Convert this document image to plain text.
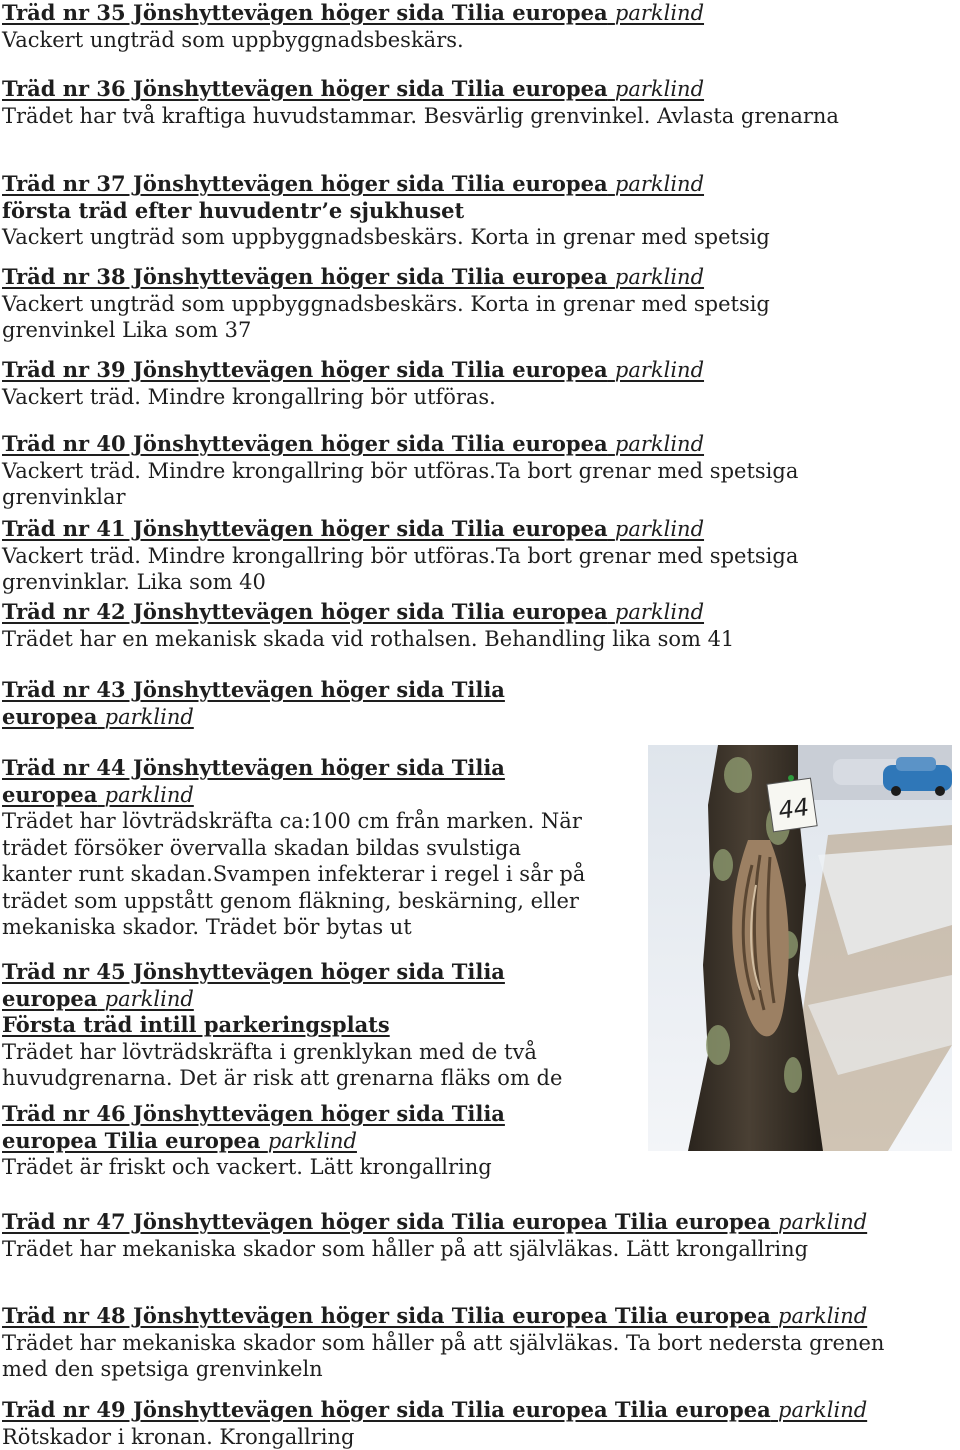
Träd nr 35 Jönshyttevägen höger sida Tilia europea parklind

Vackert ungträd som uppbyggnadsbeskärs.

Träd nr 36 Jönshyttevägen höger sida Tilia europea parklind

Trädet har två kraftiga huvudstammar. Besvärlig grenvinkel. Avlasta grenarna

Träd nr 37 Jönshyttevägen höger sida Tilia europea parklind

första träd efter huvudentr’e sjukhuset

Vackert ungträd som uppbyggnadsbeskärs. Korta in grenar med spetsig

Träd nr 38 Jönshyttevägen höger sida Tilia europea parklind

Vackert ungträd som uppbyggnadsbeskärs. Korta in grenar med spetsig

grenvinkel Lika som 37

Träd nr 39 Jönshyttevägen höger sida Tilia europea parklind

Vackert träd. Mindre krongallring bör utföras.

Träd nr 40 Jönshyttevägen höger sida Tilia europea parklind

Vackert träd. Mindre krongallring bör utföras.Ta bort grenar med spetsiga

grenvinklar

Träd nr 41 Jönshyttevägen höger sida Tilia europea parklind

Vackert träd. Mindre krongallring bör utföras.Ta bort grenar med spetsiga

grenvinklar. Lika som 40

Träd nr 42 Jönshyttevägen höger sida Tilia europea parklind

Trädet har en mekanisk skada vid rothalsen. Behandling lika som 41

Träd nr 43 Jönshyttevägen höger sida Tilia

europea parklind

Träd nr 44 Jönshyttevägen höger sida Tilia

europea parklind

Trädet har lövträdskräfta ca:100 cm från marken. När

trädet försöker övervalla skadan bildas svulstiga

kanter runt skadan.Svampen infekterar i regel i sår på

trädet som uppstått genom fläkning, beskärning, eller

mekaniska skador. Trädet bör bytas ut

Träd nr 45 Jönshyttevägen höger sida Tilia

europea parklind

Första träd intill parkeringsplats

Trädet har lövträdskräfta i grenklykan med de två

huvudgrenarna. Det är risk att grenarna fläks om de

Träd nr 46 Jönshyttevägen höger sida Tilia

europea Tilia europea parklind

Trädet är friskt och vackert. Lätt krongallring

Träd nr 47 Jönshyttevägen höger sida Tilia europea Tilia europea parklind

Trädet har mekaniska skador som håller på att självläkas. Lätt krongallring

Träd nr 48 Jönshyttevägen höger sida Tilia europea Tilia europea parklind

Trädet har mekaniska skador som håller på att självläkas. Ta bort nedersta grenen

med den spetsiga grenvinkeln

Träd nr 49 Jönshyttevägen höger sida Tilia europea Tilia europea parklind

Rötskador i kronan. Krongallring

44
